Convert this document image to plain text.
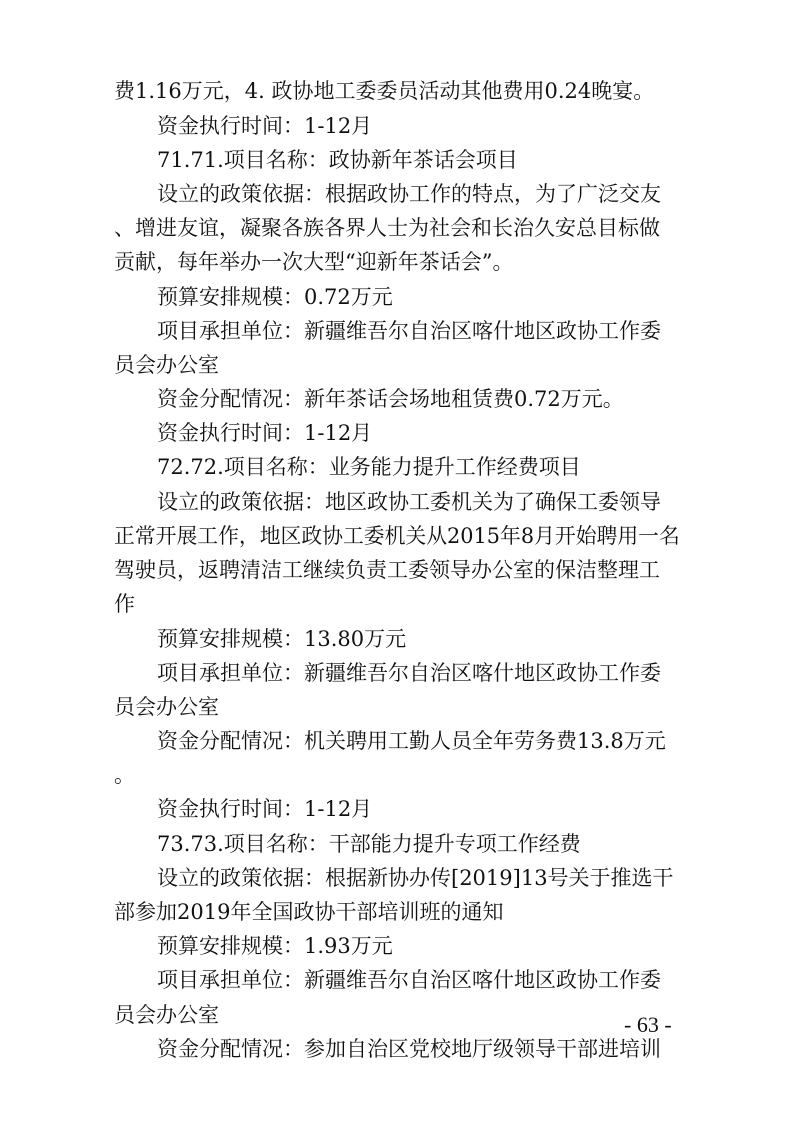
费1.16万元，4. 政协地工委委员活动其他费用0.24晚宴。
资金执行时间：1-12月
71.71.项目名称：政协新年茶话会项目
设立的政策依据：根据政协工作的特点，为了广泛交友
、增进友谊，凝聚各族各界人士为社会和长治久安总目标做
贡献，每年举办一次大型“迎新年茶话会”。
预算安排规模：0.72万元
项目承担单位：新疆维吾尔自治区喀什地区政协工作委
员会办公室
资金分配情况：新年茶话会场地租赁费0.72万元。
资金执行时间：1-12月
72.72.项目名称：业务能力提升工作经费项目
设立的政策依据：地区政协工委机关为了确保工委领导
正常开展工作，地区政协工委机关从2015年8月开始聘用一名
驾驶员，返聘清洁工继续负责工委领导办公室的保洁整理工
作
预算安排规模：13.80万元
项目承担单位：新疆维吾尔自治区喀什地区政协工作委
员会办公室
资金分配情况：机关聘用工勤人员全年劳务费13.8万元
。
资金执行时间：1-12月
73.73.项目名称：干部能力提升专项工作经费
设立的政策依据：根据新协办传[2019]13号关于推选干
部参加2019年全国政协干部培训班的通知
预算安排规模：1.93万元
项目承担单位：新疆维吾尔自治区喀什地区政协工作委
员会办公室
资金分配情况：参加自治区党校地厅级领导干部进培训
- 63 -
